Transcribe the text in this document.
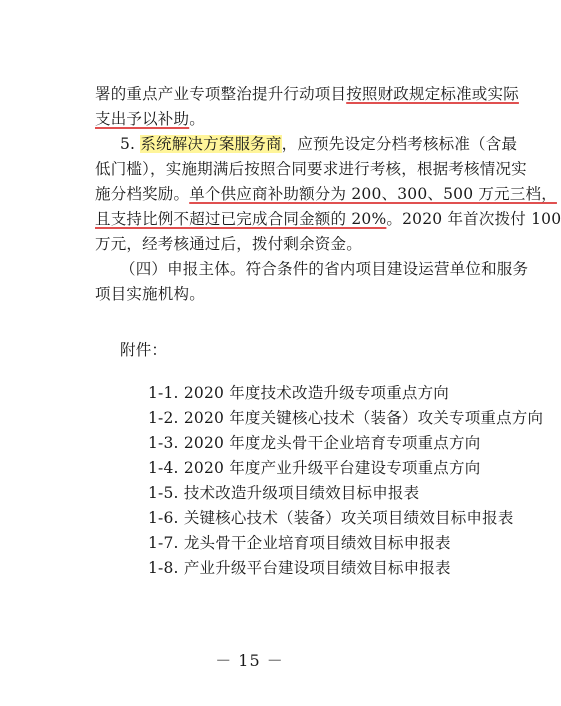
署的重点产业专项整治提升行动项目按照财政规定标准或实际
支出予以补助。
5. 系统解决方案服务商，应预先设定分档考核标准（含最
低门槛），实施期满后按照合同要求进行考核，根据考核情况实
施分档奖励。单个供应商补助额分为 200、300、500 万元三档，
且支持比例不超过已完成合同金额的 20%。2020 年首次拨付 100
万元，经考核通过后，拨付剩余资金。
（四）申报主体。符合条件的省内项目建设运营单位和服务
项目实施机构。
附件：
1-1. 2020 年度技术改造升级专项重点方向
1-2. 2020 年度关键核心技术（装备）攻关专项重点方向
1-3. 2020 年度龙头骨干企业培育专项重点方向
1-4. 2020 年度产业升级平台建设专项重点方向
1-5. 技术改造升级项目绩效目标申报表
1-6. 关键核心技术（装备）攻关项目绩效目标申报表
1-7. 龙头骨干企业培育项目绩效目标申报表
1-8. 产业升级平台建设项目绩效目标申报表
－ 15 －
